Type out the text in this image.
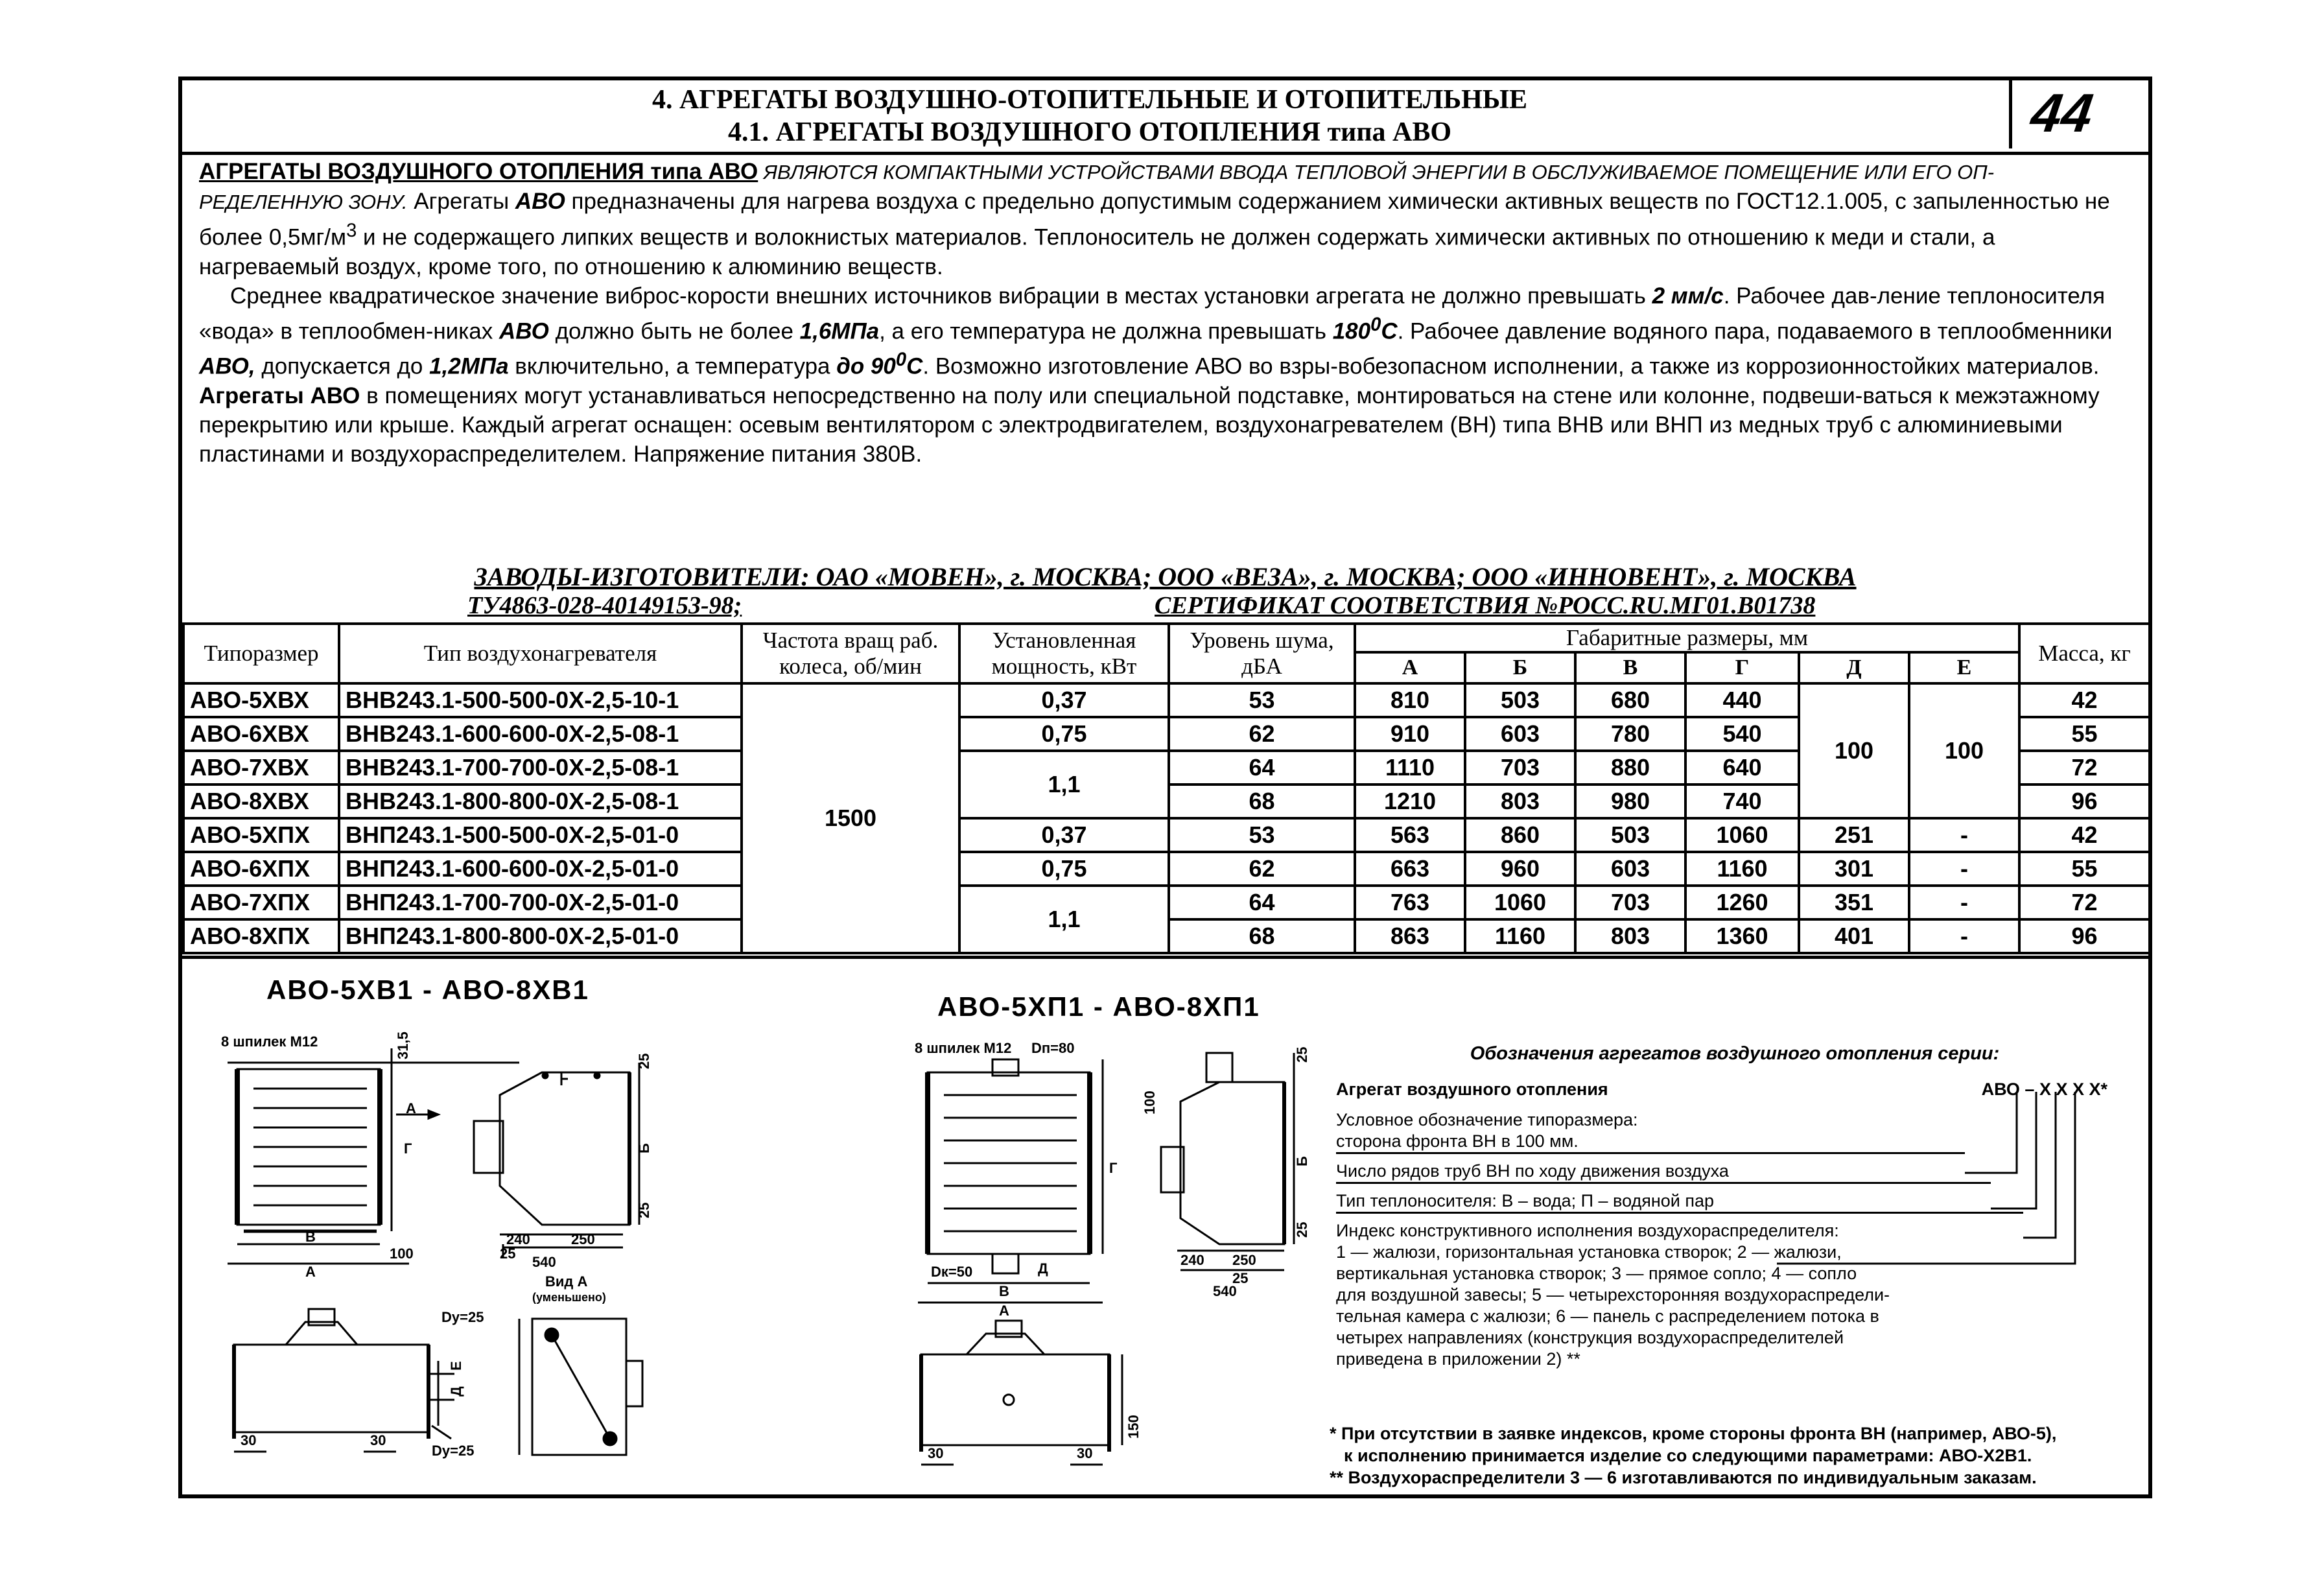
4. АГРЕГАТЫ ВОЗДУШНО-ОТОПИТЕЛЬНЫЕ И ОТОПИТЕЛЬНЫЕ
4.1. АГРЕГАТЫ ВОЗДУШНОГО ОТОПЛЕНИЯ типа АВО	44

АГРЕГАТЫ ВОЗДУШНОГО ОТОПЛЕНИЯ типа АВО ЯВЛЯЮТСЯ КОМПАКТНЫМИ УСТРОЙСТВАМИ ВВОДА ТЕПЛОВОЙ ЭНЕРГИИ В ОБСЛУЖИВАЕМОЕ ПОМЕЩЕНИЕ ИЛИ ЕГО ОП-РЕДЕЛЕННУЮ ЗОНУ. Агрегаты АВО предназначены для нагрева воздуха с предельно допустимым содержанием химически активных веществ по ГОСТ12.1.005, с запыленностью не более $0,5мг/м^3$ и не содержащего липких веществ и волокнистых материалов. Теплоноситель не должен содержать химически активных по отношению к меди и стали, а нагреваемый воздух, кроме того, по отношению к алюминию веществ.

Среднее квадратическое значение виброс-корости внешних источников вибрации в местах установки агрегата не должно превышать 2 мм/с. Рабочее дав-ление теплоносителя «вода» в теплообмен-никах АВО должно быть не более 1,6МПа, а его температура не должна превышать $180^0С$. Рабочее давление водяного пара, подаваемого в теплообменники АВО, допускается до 1,2МПа включительно, а температура до $90^0С$. Возможно изготовление АВО во взры-вобезопасном исполнении, а также из коррозионностойких материалов.

Агрегаты АВО в помещениях могут устанавливаться непосредственно на полу или специальной подставке, монтироваться на стене или колонне, подвеши-ваться к межэтажному перекрытию или крыше. Каждый агрегат оснащен: осевым вентилятором с электродвигателем, воздухонагревателем (ВН) типа ВНВ или ВНП из медных труб с алюминиевыми пластинами и воздухораспределителем. Напряжение питания 380В.

ЗАВОДЫ-ИЗГОТОВИТЕЛИ: ОАО «МОВЕН», г. МОСКВА; ООО «ВЕЗА», г. МОСКВА; ООО «ИННОВЕНТ», г. МОСКВА
ТУ4863-028-40149153-98;	СЕРТИФИКАТ СООТВЕТСТВИЯ №РОСС.RU.МГ01.В01738
Типоразмер	Тип воздухонагревателя	Частота вращ раб. колеса, об/мин	Установленная мощность, кВт	Уровень шума, дБА	Габаритные размеры, мм						Масса, кг
					А	Б	В	Г	Д	Е	
АВО-5ХВХ	ВНВ243.1-500-500-0Х-2,5-10-1	1500	0,37	53	810	503	680	440	100	100	42
АВО-6ХВХ	ВНВ243.1-600-600-0Х-2,5-08-1		0,75	62	910	603	780	540			55
АВО-7ХВХ	ВНВ243.1-700-700-0Х-2,5-08-1		1,1	64	1110	703	880	640			72
АВО-8ХВХ	ВНВ243.1-800-800-0Х-2,5-08-1			68	1210	803	980	740			96
АВО-5ХПХ	ВНП243.1-500-500-0Х-2,5-01-0		0,37	53	563	860	503	1060	251	-	42
АВО-6ХПХ	ВНП243.1-600-600-0Х-2,5-01-0		0,75	62	663	960	603	1160	301	-	55
АВО-7ХПХ	ВНП243.1-700-700-0Х-2,5-01-0		1,1	64	763	1060	703	1260	351	-	72
АВО-8ХПХ	ВНП243.1-800-800-0Х-2,5-01-0			68	863	1160	803	1360	401	-	96
АВО-5ХВ1 - АВО-8ХВ1
АВО-5ХП1 - АВО-8ХП1
8 шпилек М12	31,5
Г
А
В
А
100
25
Б
25
240	250
25
540
Вид А
(уменьшено)
Dy=25
Д
Е
Dy=25
30	30
8 шпилек М12 Dп=80
Г
Dк=50	Д
В
А
25
Б
25
100
240 250
25
540
150
30	30
Обозначения агрегатов воздушного отопления серии:
Агрегат воздушного отопления	АВО – Х Х Х Х*
Условное обозначение типоразмера:
сторона фронта ВН в 100 мм.
Число рядов труб ВН по ходу движения воздуха
Тип теплоносителя: В – вода; П – водяной пар
Индекс конструктивного исполнения воздухораспределителя:
1 — жалюзи, горизонтальная установка створок; 2 — жалюзи,
вертикальная установка створок; 3 — прямое сопло; 4 — сопло
для воздушной завесы; 5 — четырехсторонняя воздухораспредели-
тельная камера с жалюзи; 6 — панель с распределением потока в
четырех направлениях (конструкция воздухораспределителей
приведена в приложении 2) **
* При отсутствии в заявке индексов, кроме стороны фронта ВН (например, АВО-5),
к исполнению принимается изделие со следующими параметрами: АВО-Х2В1.
** Воздухораспределители 3 — 6 изготавливаются по индивидуальным заказам.
